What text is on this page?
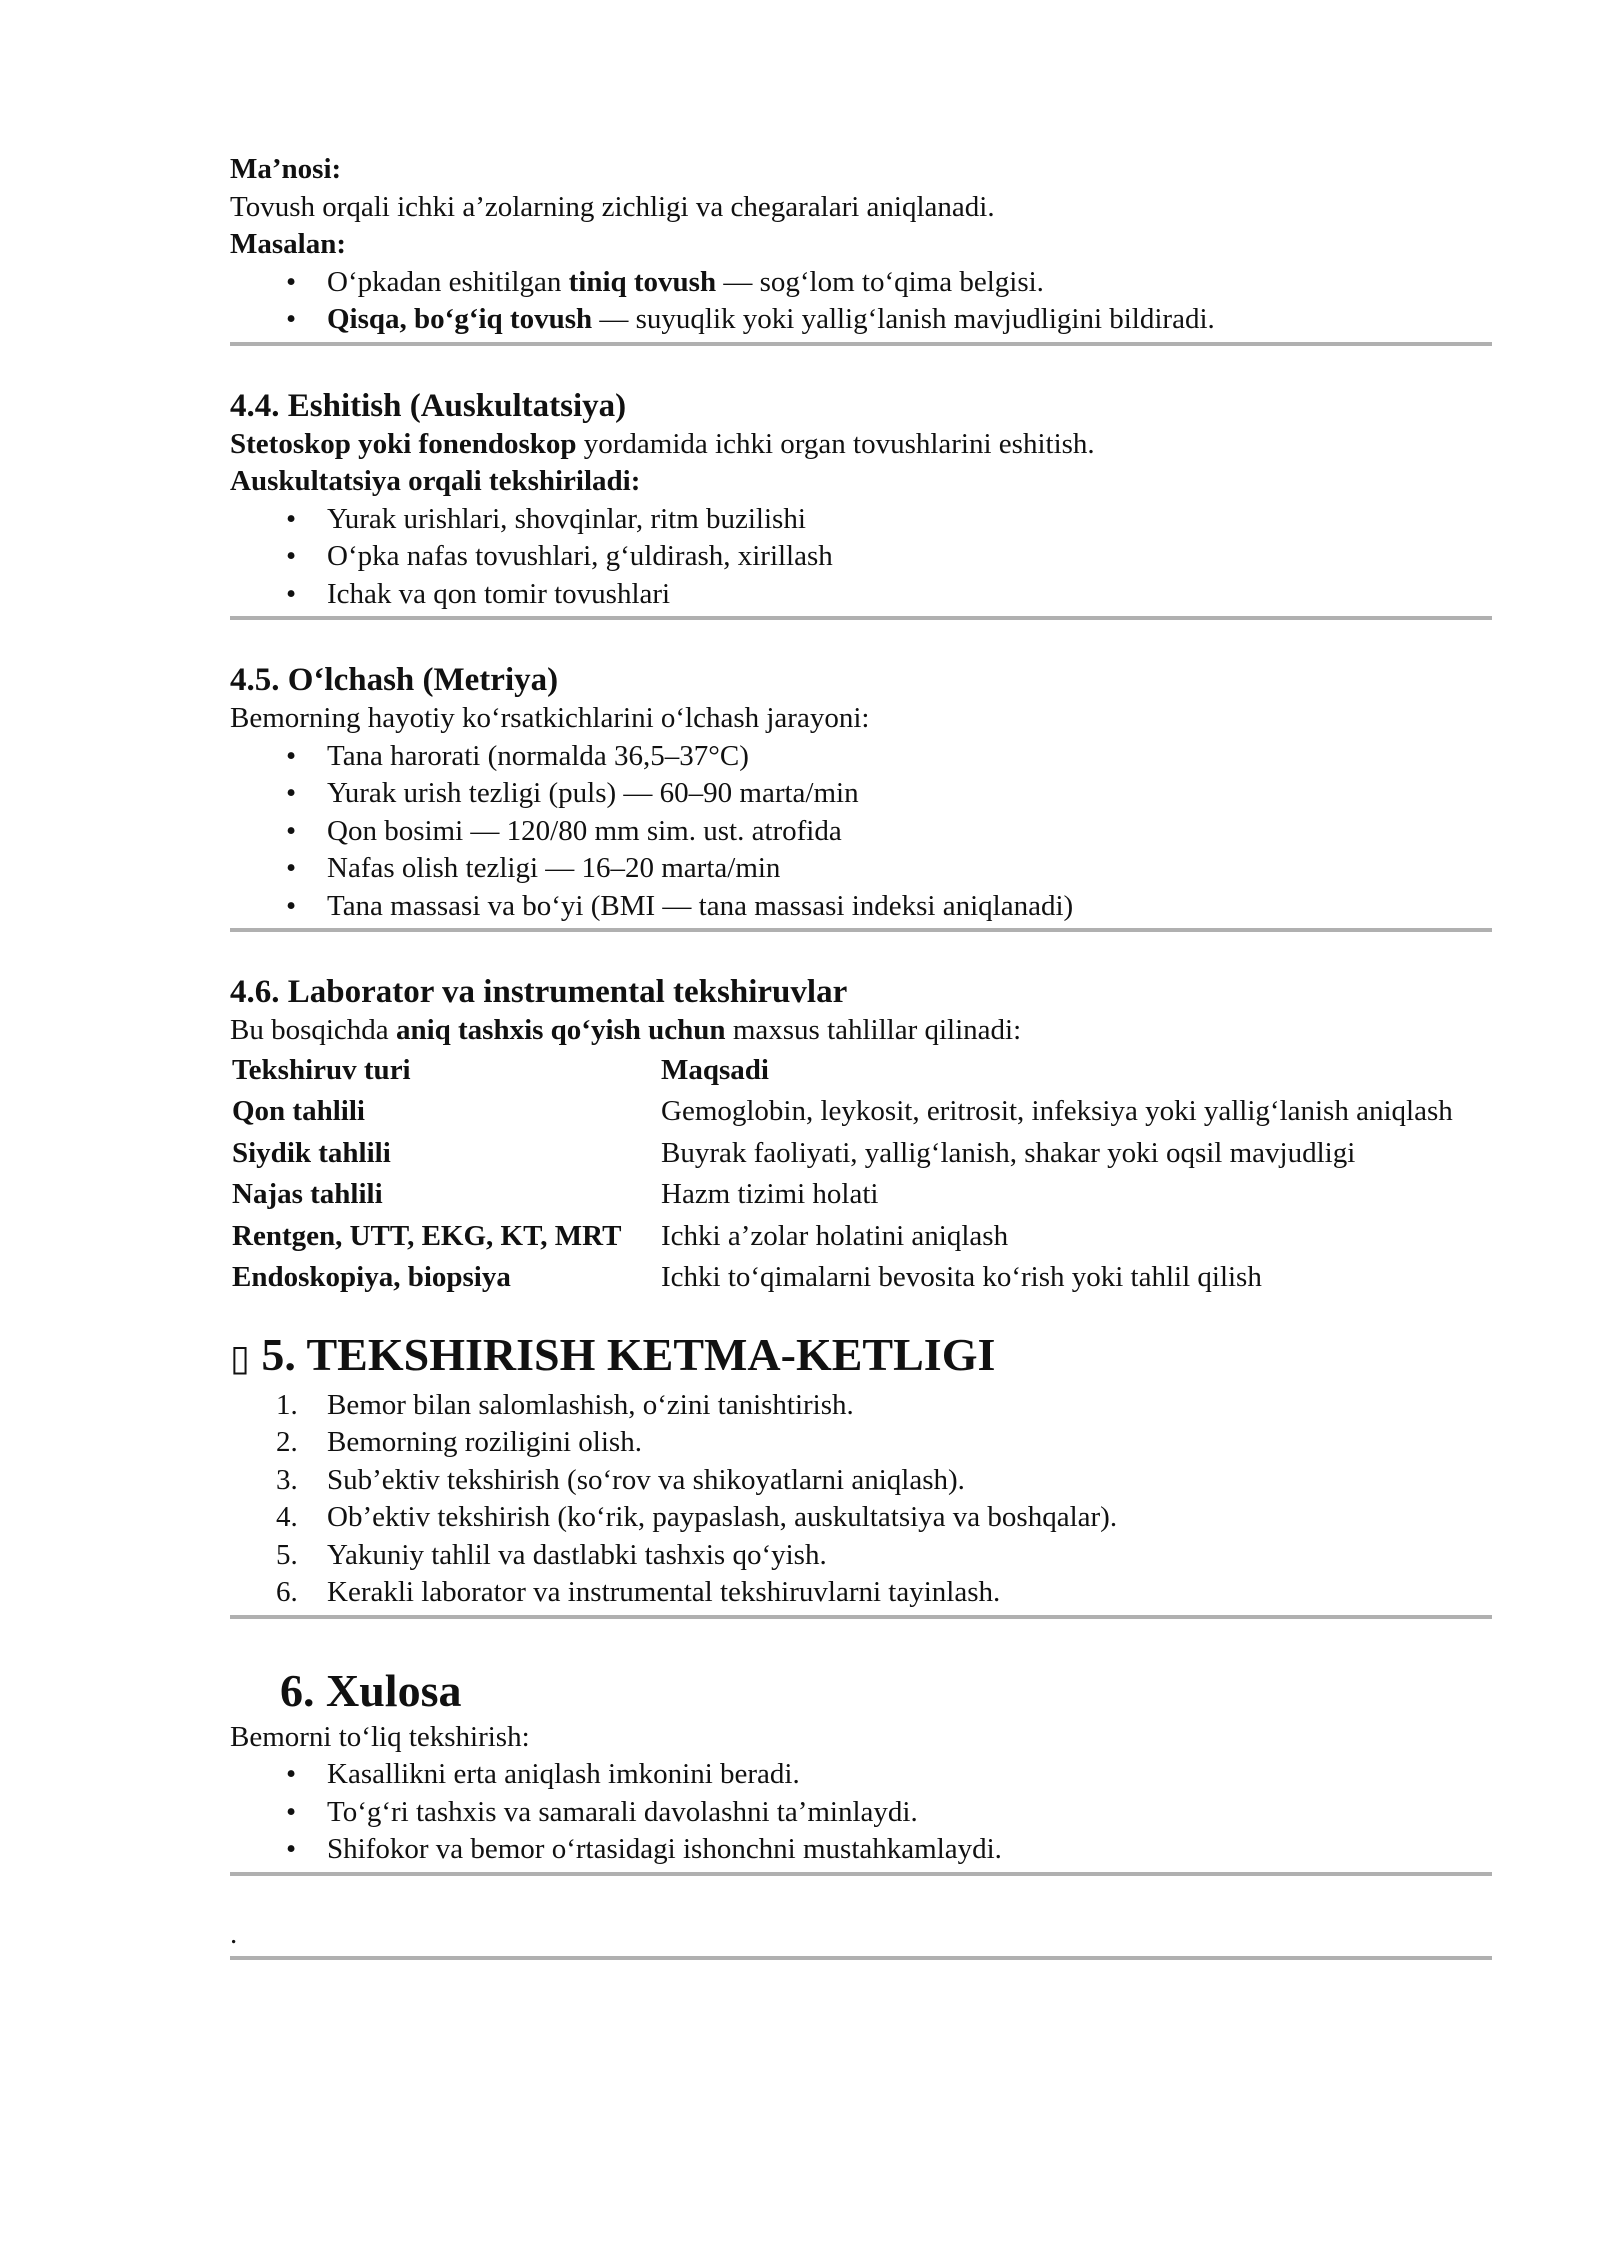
Ma’nosi:

Tovush orqali ichki a’zolarning zichligi va chegaralari aniqlanadi.

Masalan:

• O‘pkadan eshitilgan tiniq tovush — sog‘lom to‘qima belgisi.
• Qisqa, bo‘g‘iq tovush — suyuqlik yoki yallig‘lanish mavjudligini bildiradi.

4.4. Eshitish (Auskultatsiya)

Stetoskop yoki fonendoskop yordamida ichki organ tovushlarini eshitish.

Auskultatsiya orqali tekshiriladi:

• Yurak urishlari, shovqinlar, ritm buzilishi
• O‘pka nafas tovushlari, g‘uldirash, xirillash
• Ichak va qon tomir tovushlari

4.5. O‘lchash (Metriya)

Bemorning hayotiy ko‘rsatkichlarini o‘lchash jarayoni:

• Tana harorati (normalda 36,5–37°C)
• Yurak urish tezligi (puls) — 60–90 marta/min
• Qon bosimi — 120/80 mm sim. ust. atrofida
• Nafas olish tezligi — 16–20 marta/min
• Tana massasi va bo‘yi (BMI — tana massasi indeksi aniqlanadi)

4.6. Laborator va instrumental tekshiruvlar

Bu bosqichda aniq tashxis qo‘yish uchun maxsus tahlillar qilinadi:

Tekshiruv turi	Maqsadi
Qon tahlili	Gemoglobin, leykosit, eritrosit, infeksiya yoki yallig‘lanish aniqlash
Siydik tahlili	Buyrak faoliyati, yallig‘lanish, shakar yoki oqsil mavjudligi
Najas tahlili	Hazm tizimi holati
Rentgen, UTT, EKG, KT, MRT	Ichki a’zolar holatini aniqlash
Endoskopiya, biopsiya	Ichki to‘qimalarni bevosita ko‘rish yoki tahlil qilish

▯ 5. TEKSHIRISH KETMA-KETLIGI

1. Bemor bilan salomlashish, o‘zini tanishtirish.
2. Bemorning roziligini olish.
3. Sub’ektiv tekshirish (so‘rov va shikoyatlarni aniqlash).
4. Ob’ektiv tekshirish (ko‘rik, paypaslash, auskultatsiya va boshqalar).
5. Yakuniy tahlil va dastlabki tashxis qo‘yish.
6. Kerakli laborator va instrumental tekshiruvlarni tayinlash.

6. Xulosa

Bemorni to‘liq tekshirish:

• Kasallikni erta aniqlash imkonini beradi.
• To‘g‘ri tashxis va samarali davolashni ta’minlaydi.
• Shifokor va bemor o‘rtasidagi ishonchni mustahkamlaydi.

.
